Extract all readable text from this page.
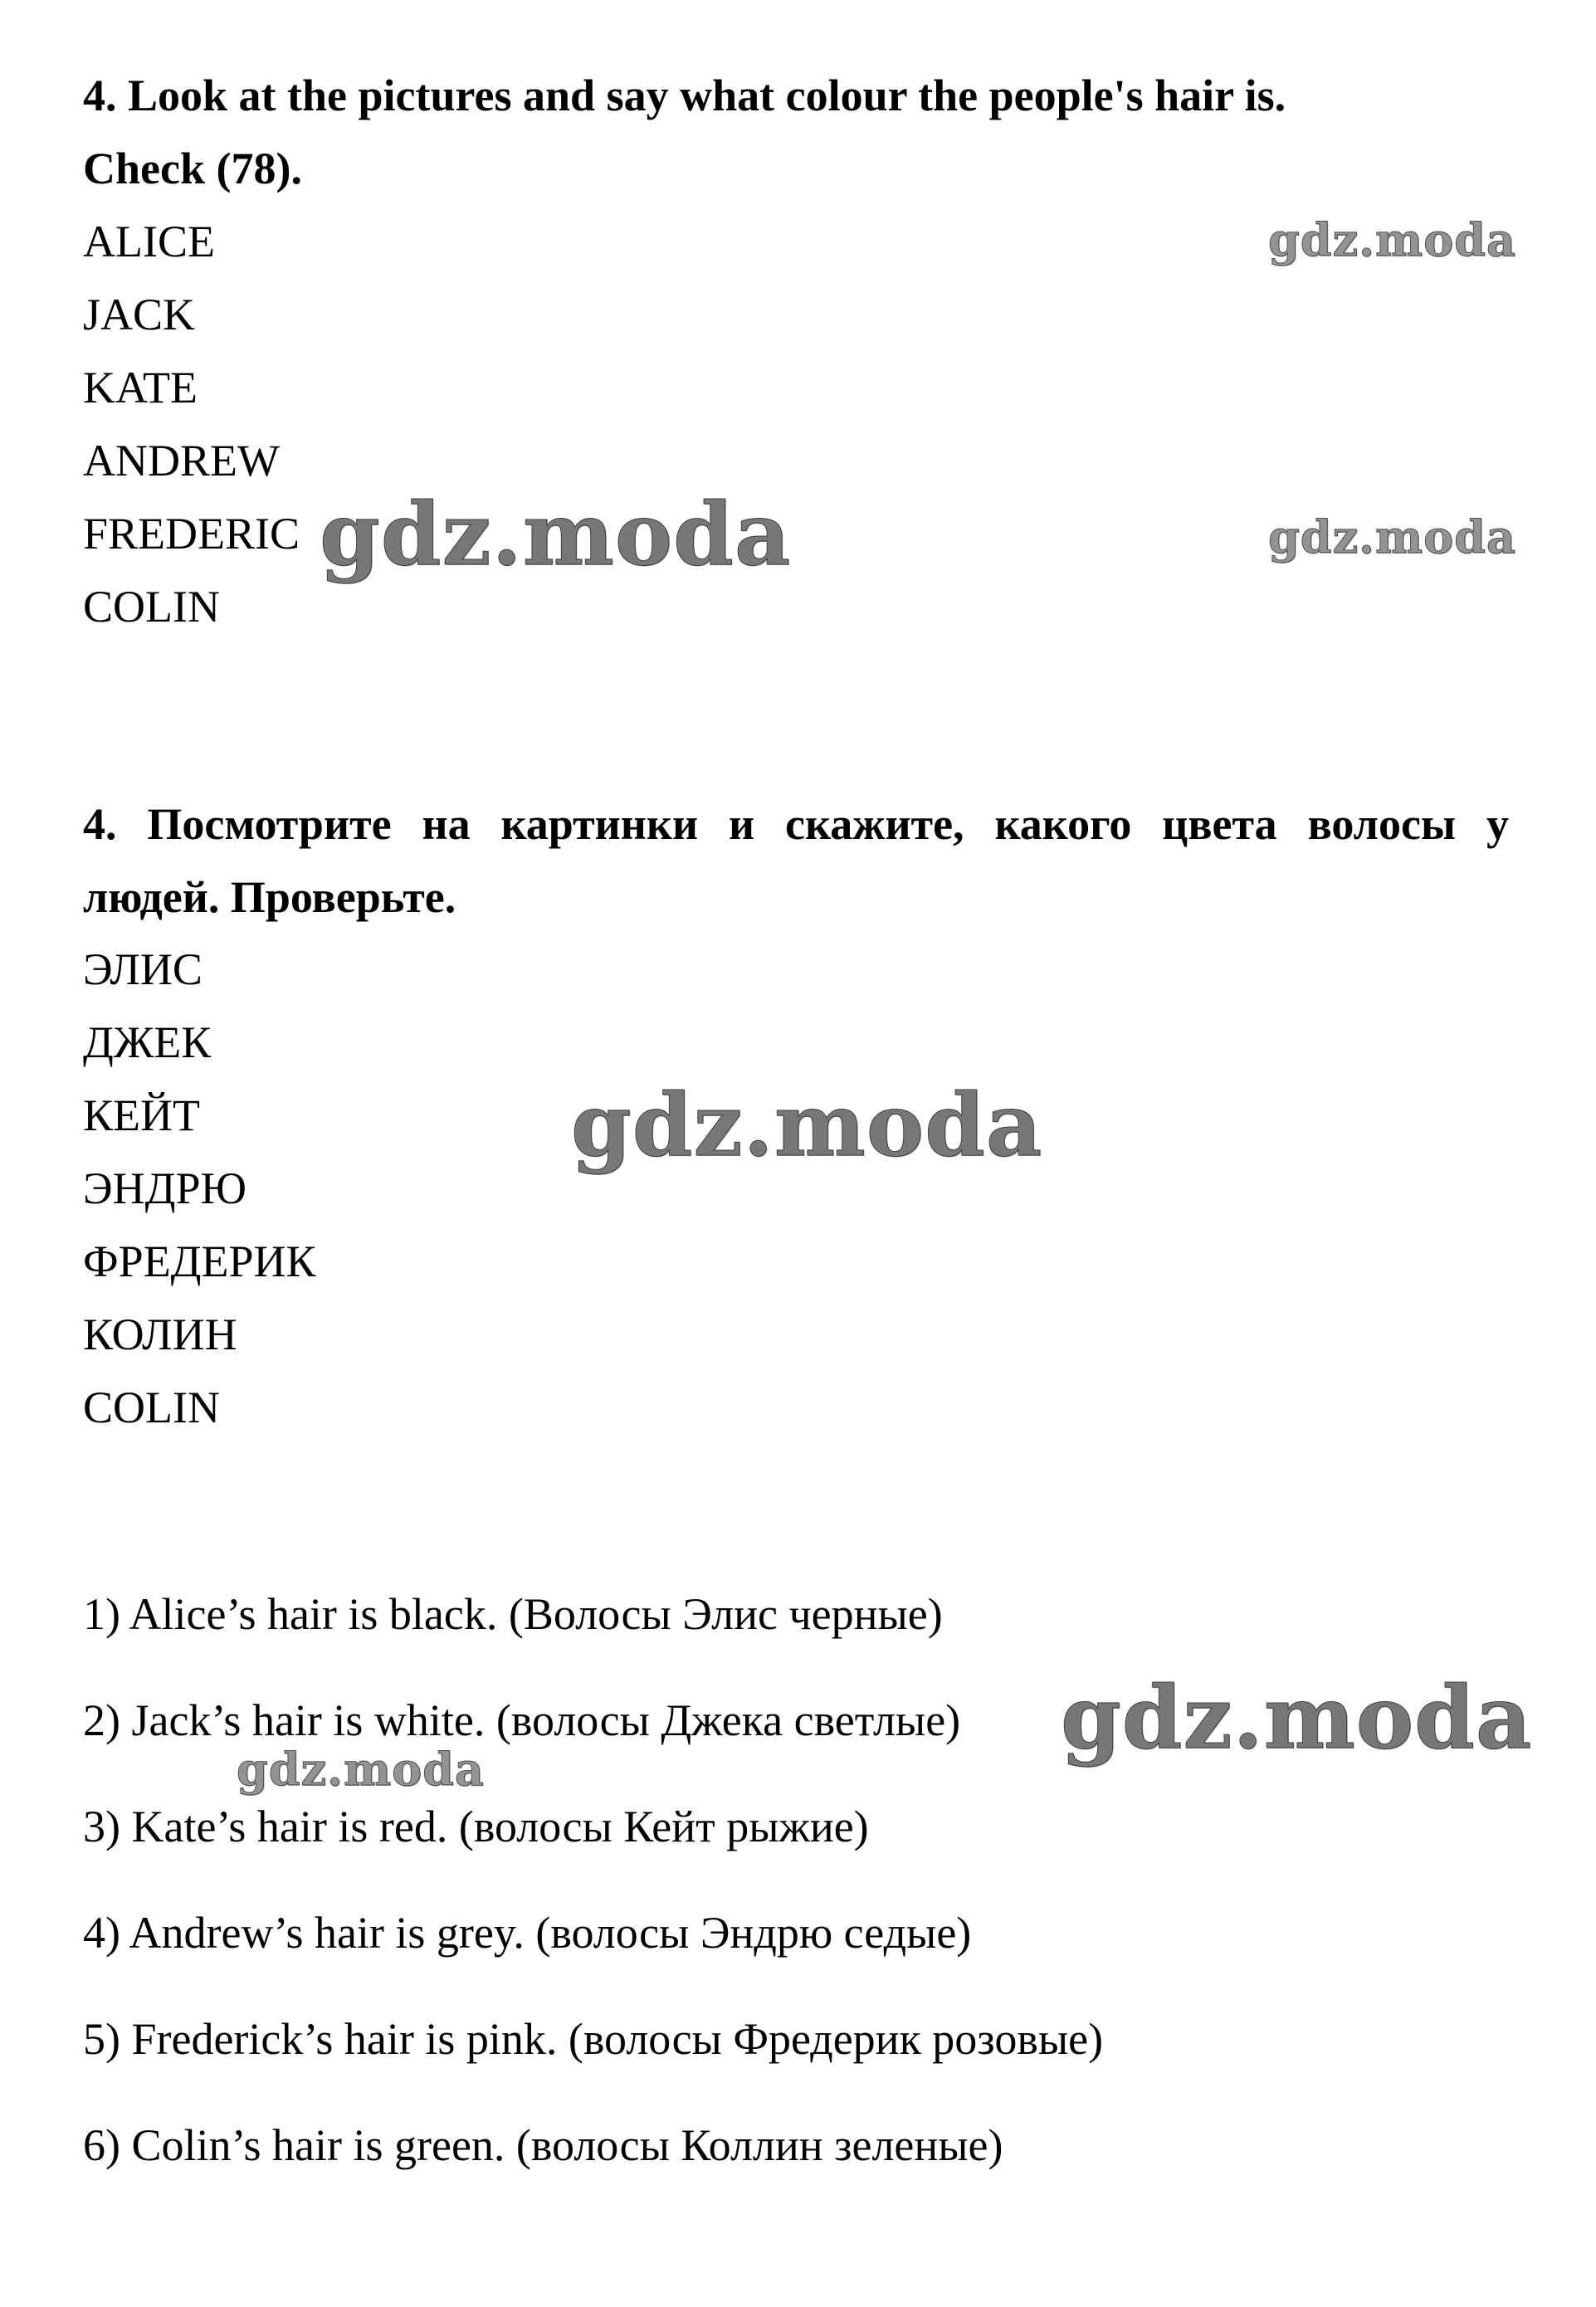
4. Look at the pictures and say what colour the people's hair is.
Check (78).
ALICE
JACK
KATE
ANDREW
FREDERIC
COLIN
4. Посмотрите на картинки и скажите, какого цвета волосы у
людей. Проверьте.
ЭЛИС
ДЖЕК
КЕЙТ
ЭНДРЮ
ФРЕДЕРИК
КОЛИН
COLIN
1) Alice’s hair is black. (Волосы Элис черные)
2) Jack’s hair is white. (волосы Джека светлые)
3) Kate’s hair is red. (волосы Кейт рыжие)
4) Andrew’s hair is grey. (волосы Эндрю седые)
5) Frederick’s hair is pink. (волосы Фредерик розовые)
6) Colin’s hair is green. (волосы Коллин зеленые)
gdz.moda
gdz.moda	gdz.moda
gdz.moda
gdz.moda
gdz.moda
